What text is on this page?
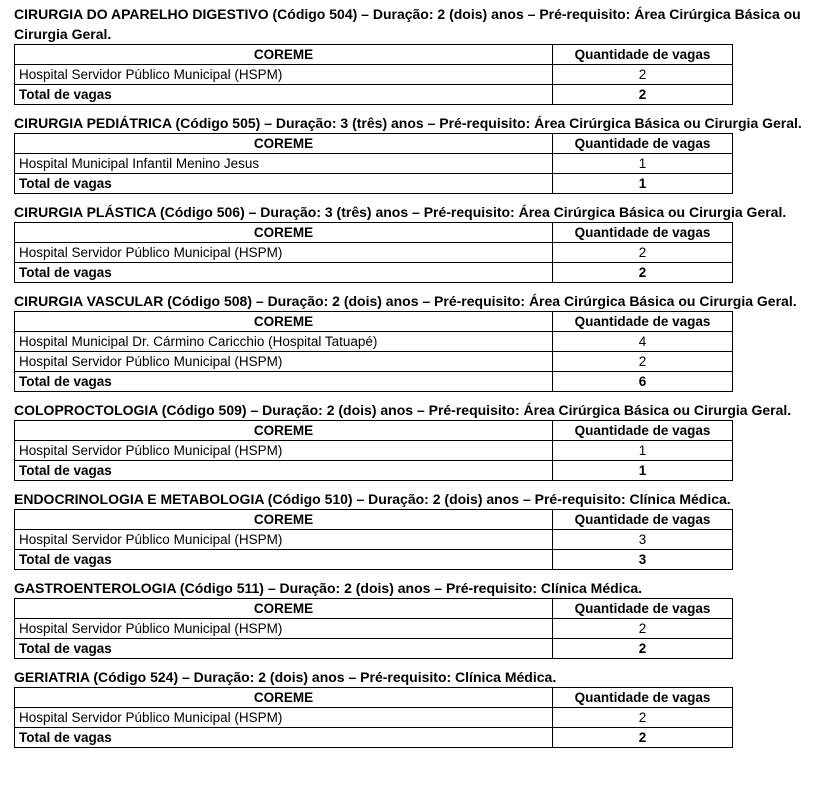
CIRURGIA DO APARELHO DIGESTIVO (Código 504) – Duração: 2 (dois) anos – Pré-requisito: Área Cirúrgica Básica ou Cirurgia Geral.
COREME	Quantidade de vagas
Hospital Servidor Público Municipal (HSPM)	2
Total de vagas	2
CIRURGIA PEDIÁTRICA (Código 505) – Duração: 3 (três) anos – Pré-requisito: Área Cirúrgica Básica ou Cirurgia Geral.
COREME	Quantidade de vagas
Hospital Municipal Infantil Menino Jesus	1
Total de vagas	1
CIRURGIA PLÁSTICA (Código 506) – Duração: 3 (três) anos – Pré-requisito: Área Cirúrgica Básica ou Cirurgia Geral.
COREME	Quantidade de vagas
Hospital Servidor Público Municipal (HSPM)	2
Total de vagas	2
CIRURGIA VASCULAR (Código 508) – Duração: 2 (dois) anos – Pré-requisito: Área Cirúrgica Básica ou Cirurgia Geral.
COREME	Quantidade de vagas
Hospital Municipal Dr. Cármino Caricchio (Hospital Tatuapé)	4
Hospital Servidor Público Municipal (HSPM)	2
Total de vagas	6
COLOPROCTOLOGIA (Código 509) – Duração: 2 (dois) anos – Pré-requisito: Área Cirúrgica Básica ou Cirurgia Geral.
COREME	Quantidade de vagas
Hospital Servidor Público Municipal (HSPM)	1
Total de vagas	1
ENDOCRINOLOGIA E METABOLOGIA (Código 510) – Duração: 2 (dois) anos – Pré-requisito: Clínica Médica.
COREME	Quantidade de vagas
Hospital Servidor Público Municipal (HSPM)	3
Total de vagas	3
GASTROENTEROLOGIA (Código 511) – Duração: 2 (dois) anos – Pré-requisito: Clínica Médica.
COREME	Quantidade de vagas
Hospital Servidor Público Municipal (HSPM)	2
Total de vagas	2
GERIATRIA (Código 524) – Duração: 2 (dois) anos – Pré-requisito: Clínica Médica.
COREME	Quantidade de vagas
Hospital Servidor Público Municipal (HSPM)	2
Total de vagas	2
